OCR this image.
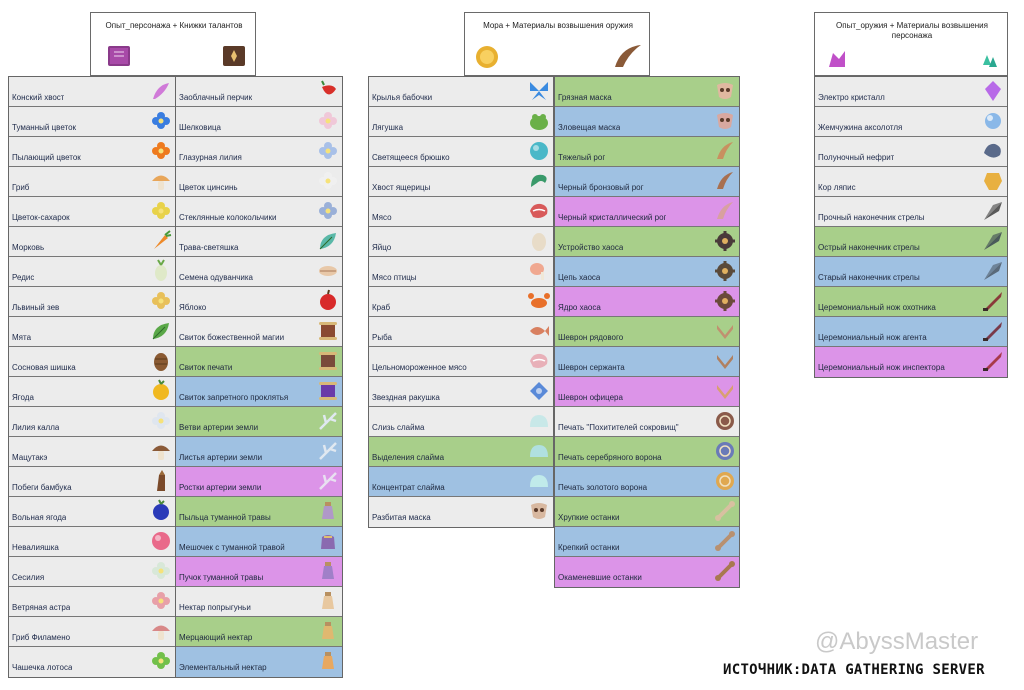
Опыт_персонажа + Книжки талантов	Мора + Материалы возвышения оружия	Опыт_оружия + Материалы возвышения персонажа
Конский хвост
Туманный цветок
Пылающий цветок
Гриб
Цветок-сахарок
Морковь
Редис
Львиный зев
Мята
Сосновая шишка
Ягода
Лилия калла
Мацутакэ
Побеги бамбука
Вольная ягода
Невалияшка
Сесилия
Ветряная астра
Гриб Филамено
Чашечка лотоса
Заоблачный перчик
Шелковица
Глазурная лилия
Цветок цинсинь
Стеклянные колокольчики
Трава-светяшка
Семена одуванчика
Яблоко
Свиток божественной магии
Свиток печати
Свиток запретного проклятья
Ветви артерии земли
Листья артерии земли
Ростки артерии земли
Пыльца туманной травы
Мешочек с туманной травой
Пучок туманной травы
Нектар попрыгуньи
Мерцающий нектар
Элементальный нектар
Крылья бабочки
Лягушка
Светящееся брюшко
Хвост ящерицы
Мясо
Яйцо
Мясо птицы
Краб
Рыба
Цельномороженное мясо
Звездная ракушка
Слизь слайма
Выделения слайма
Концентрат слайма
Разбитая маска
Грязная маска
Зловещая маска
Тяжелый рог
Черный бронзовый рог
Черный кристаллический рог
Устройство хаоса
Цепь хаоса
Ядро хаоса
Шеврон рядового
Шеврон сержанта
Шеврон офицера
Печать "Похитителей сокровищ"
Печать серебряного ворона
Печать золотого ворона
Хрупкие останки
Крепкий останки
Окаменевшие останки
Электро кристалл
Жемчужина аксолотля
Полуночный нефрит
Кор ляпис
Прочный наконечник стрелы
Острый наконечник стрелы
Старый наконечник стрелы
Церемониальный нож охотника
Церемониальный нож агента
Церемониальный нож инспектора
@AbyssMaster
ИСТОЧНИК:DATA GATHERING SERVER
